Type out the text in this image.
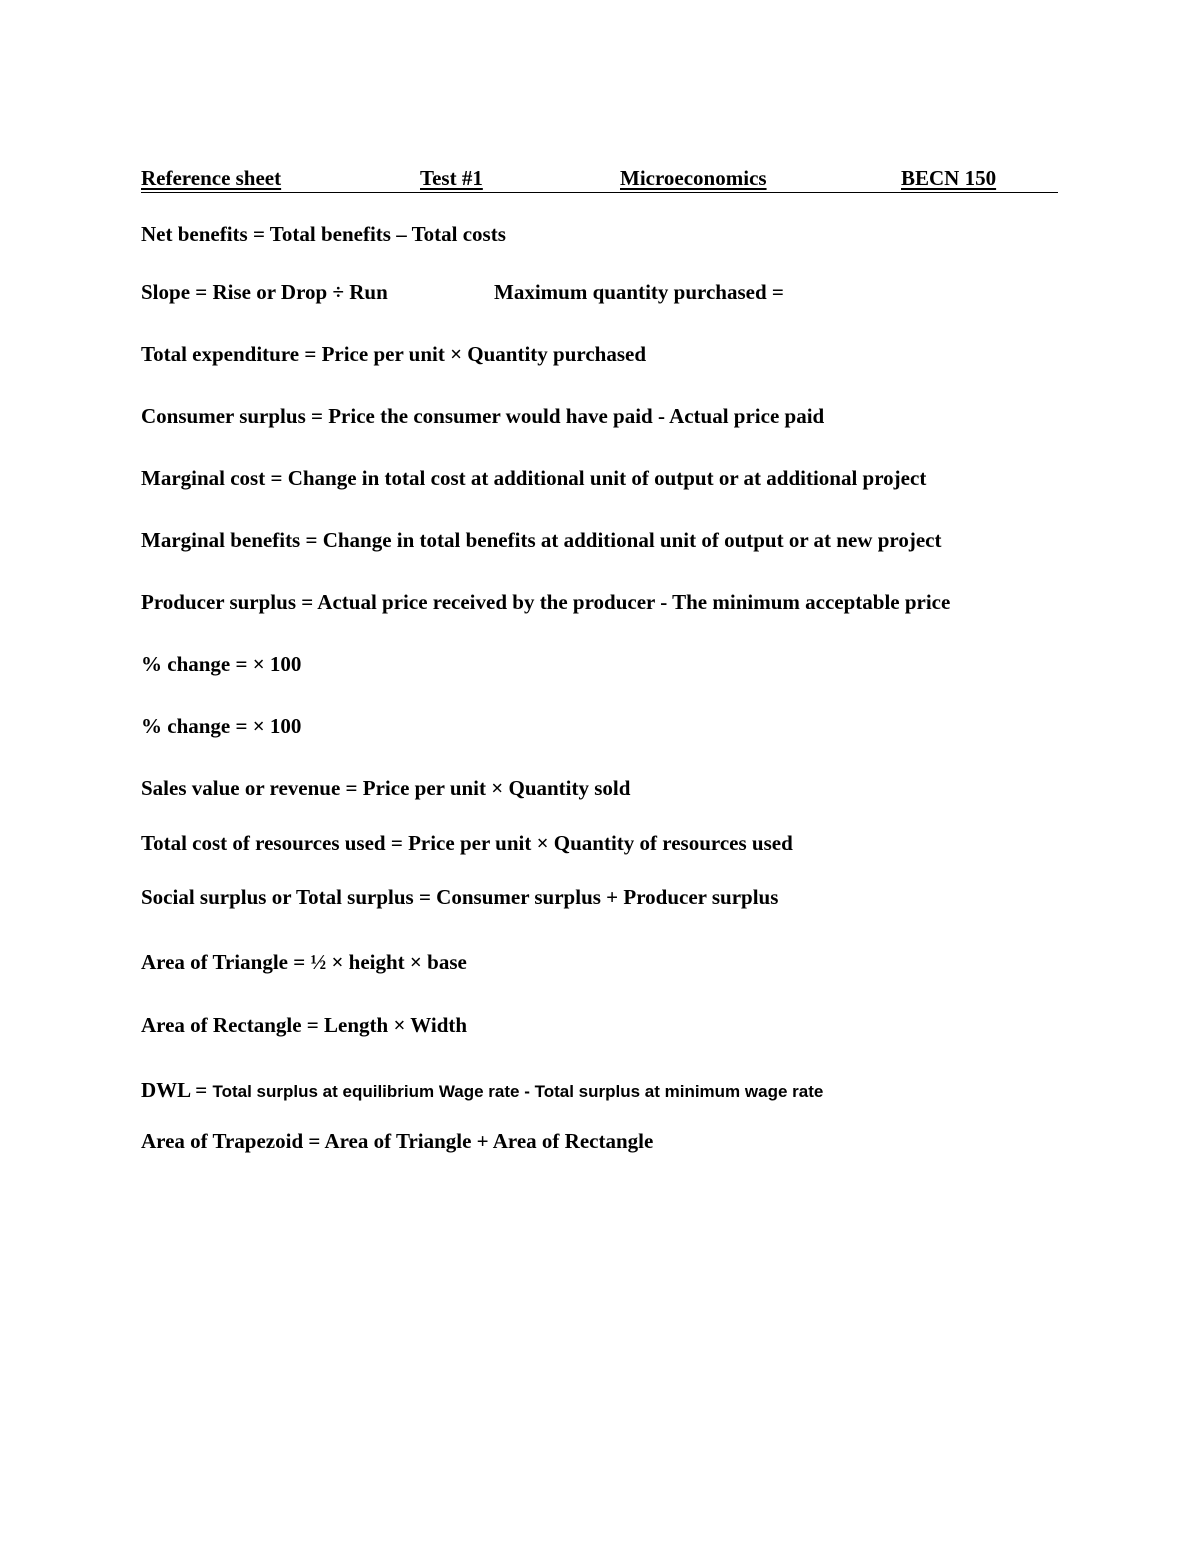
Reference sheet	Test #1	Microeconomics	BECN 150
Net benefits = Total benefits – Total costs
Slope = Rise or Drop ÷ Run	Maximum quantity purchased =
Total expenditure = Price per unit × Quantity purchased
Consumer surplus = Price the consumer would have paid - Actual price paid
Marginal cost = Change in total cost at additional unit of output or at additional project
Marginal benefits = Change in total benefits at additional unit of output or at new project
Producer surplus = Actual price received by the producer - The minimum acceptable price
% change = × 100
% change = × 100
Sales value or revenue = Price per unit × Quantity sold
Total cost of resources used = Price per unit × Quantity of resources used
Social surplus or Total surplus = Consumer surplus + Producer surplus
Area of Triangle = ½ × height × base
Area of Rectangle = Length × Width
DWL = Total surplus at equilibrium Wage rate - Total surplus at minimum wage rate
Area of Trapezoid = Area of Triangle + Area of Rectangle
